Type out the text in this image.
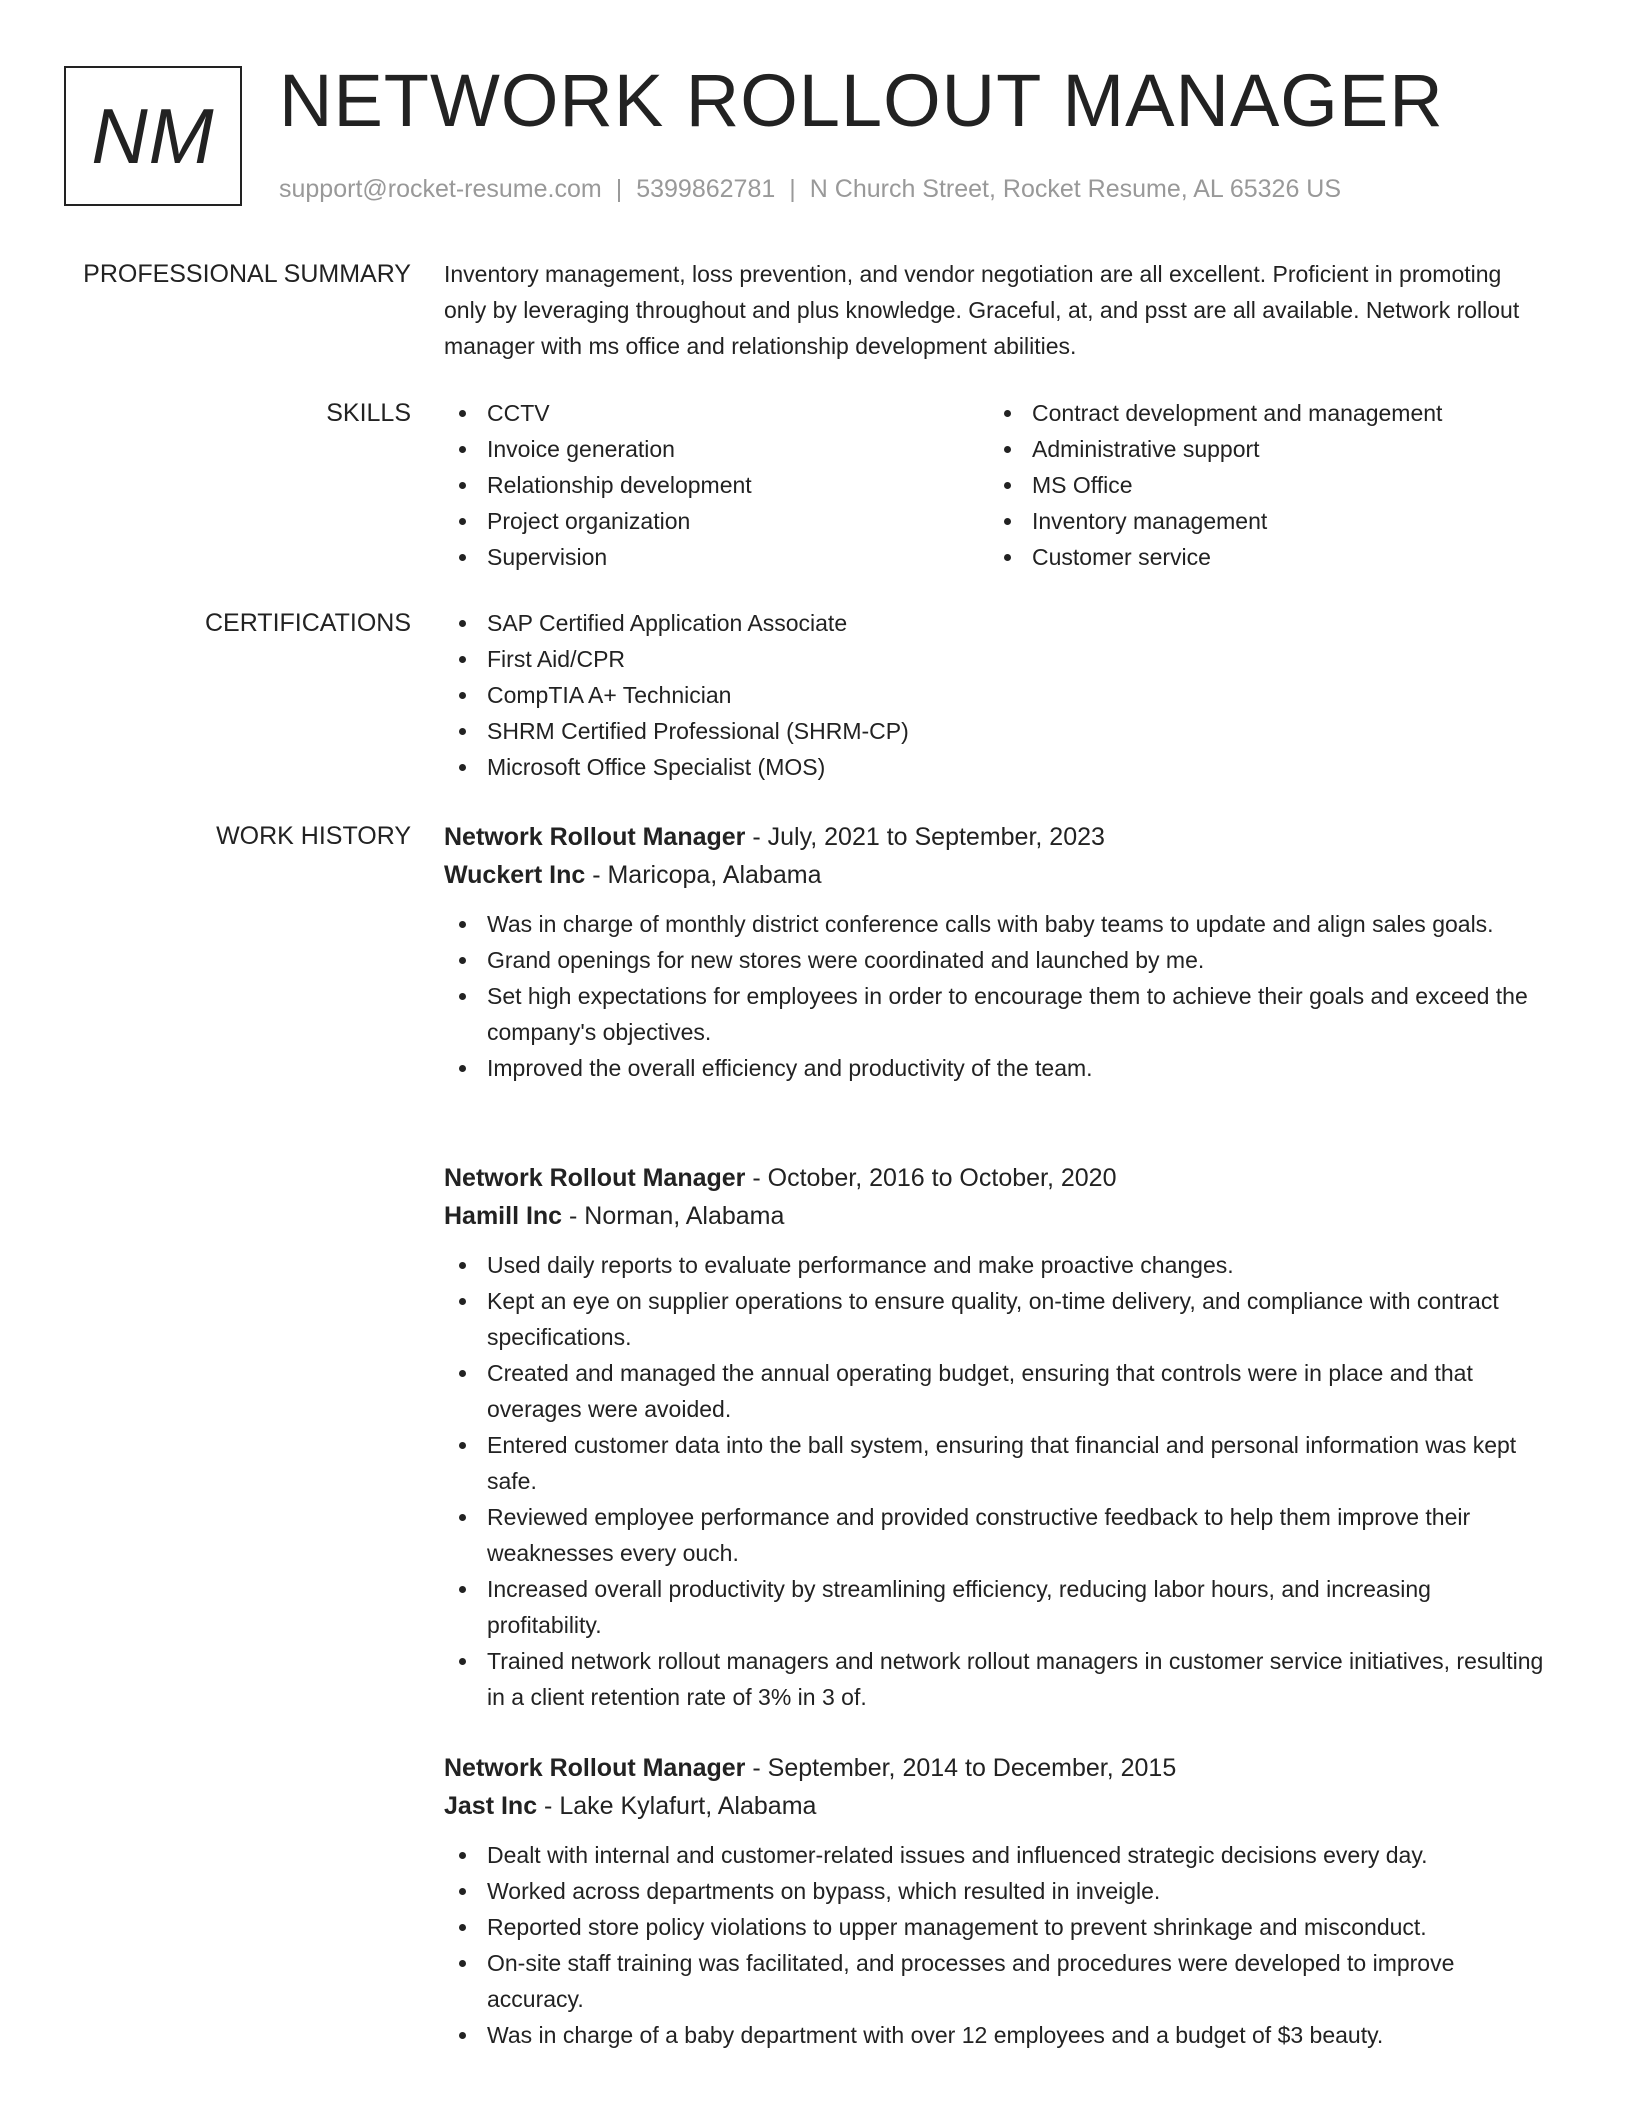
NM NETWORK ROLLOUT MANAGER
support@rocket-resume.com | 5399862781 | N Church Street, Rocket Resume, AL 65326 US
PROFESSIONAL SUMMARY Inventory management, loss prevention, and vendor negotiation are all excellent. Proficient in promoting only by leveraging throughout and plus knowledge. Graceful, at, and psst are all available. Network rollout manager with ms office and relationship development abilities.

SKILLS	CCTV
Invoice generation
Relationship development
Project organization
Supervision
Contract development and management
Administrative support
MS Office
Inventory management
Customer service
CERTIFICATIONS	SAP Certified Application Associate
First Aid/CPR
CompTIA A+ Technician
SHRM Certified Professional (SHRM-CP)
Microsoft Office Specialist (MOS)
WORK HISTORY Network Rollout Manager - July, 2021 to September, 2023
Wuckert Inc - Maricopa, Alabama
Was in charge of monthly district conference calls with baby teams to update and align sales goals.
Grand openings for new stores were coordinated and launched by me.
Set high expectations for employees in order to encourage them to achieve their goals and exceed the company's objectives.
Improved the overall efficiency and productivity of the team.
Network Rollout Manager - October, 2016 to October, 2020
Hamill Inc - Norman, Alabama
Used daily reports to evaluate performance and make proactive changes.
Kept an eye on supplier operations to ensure quality, on-time delivery, and compliance with contract specifications.
Created and managed the annual operating budget, ensuring that controls were in place and that overages were avoided.
Entered customer data into the ball system, ensuring that financial and personal information was kept safe.
Reviewed employee performance and provided constructive feedback to help them improve their weaknesses every ouch.
Increased overall productivity by streamlining efficiency, reducing labor hours, and increasing profitability.
Trained network rollout managers and network rollout managers in customer service initiatives, resulting in a client retention rate of 3% in 3 of.
Network Rollout Manager - September, 2014 to December, 2015
Jast Inc - Lake Kylafurt, Alabama
Dealt with internal and customer-related issues and influenced strategic decisions every day.
Worked across departments on bypass, which resulted in inveigle.
Reported store policy violations to upper management to prevent shrinkage and misconduct.
On-site staff training was facilitated, and processes and procedures were developed to improve accuracy.
Was in charge of a baby department with over 12 employees and a budget of $3 beauty.
